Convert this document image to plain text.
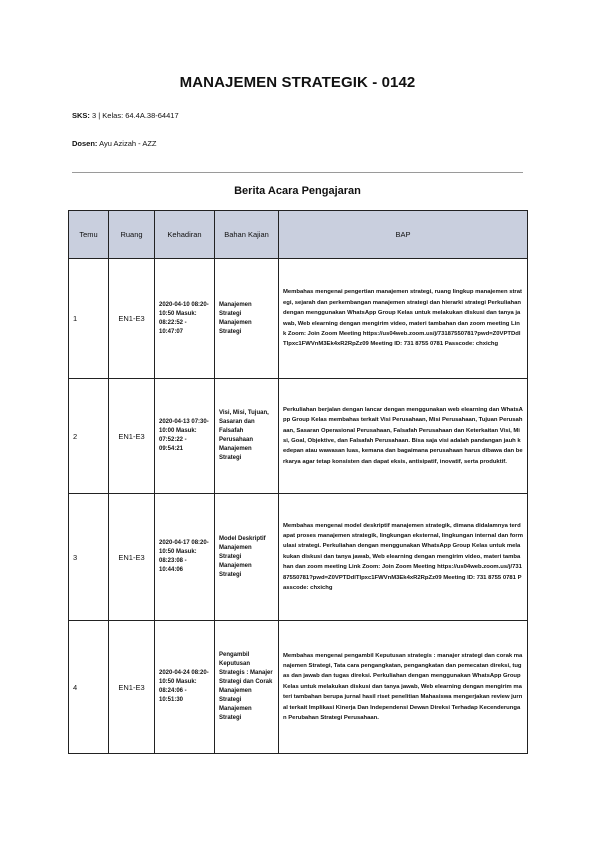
MANAJEMEN STRATEGIK - 0142
SKS: 3 | Kelas: 64.4A.38-64417
Dosen: Ayu Azizah - AZZ
Berita Acara Pengajaran
Temu	Ruang	Kehadiran	Bahan Kajian	BAP
1	EN1-E3	2020-04-10 08:20-10:50 Masuk: 08:22:52 - 10:47:07	Manajemen Strategi Manajemen Strategi	Membahas mengenai pengertian manajemen strategi, ruang lingkup manajemen strategi, sejarah dan perkembangan manajemen strategi dan hierarki strategi Perkuliahan dengan menggunakan WhatsApp Group Kelas untuk melakukan diskusi dan tanya jawab, Web elearning dengan mengirim video, materi tambahan dan zoom meeting Link Zoom: Join Zoom Meeting https://us04web.zoom.us/j/73187550781?pwd=Z0VPTDdlTlpxc1FWVnM3Ek4xR2RpZz09 Meeting ID: 731 8755 0781 Passcode: chxichg
2	EN1-E3	2020-04-13 07:30-10:00 Masuk: 07:52:22 - 09:54:21	Visi, Misi, Tujuan, Sasaran dan Falsafah Perusahaan Manajemen Strategi	Perkuliahan berjalan dengan lancar dengan menggunakan web elearning dan WhatsApp Group Kelas membahas terkait Visi Perusahaan, Misi Perusahaan, Tujuan Perusahaan, Sasaran Operasional Perusahaan, Falsafah Perusahaan dan Keterkaitan Visi, Misi, Goal, Objektive, dan Falsafah Perusahaan. Bisa saja visi adalah pandangan jauh kedepan atau wawasan luas, kemana dan bagaimana perusahaan harus dibawa dan berkarya agar tetap konsisten dan dapat eksis, antisipatif, inovatif, serta produktif.
3	EN1-E3	2020-04-17 08:20-10:50 Masuk: 08:23:08 - 10:44:06	Model Deskriptif Manajemen Strategi Manajemen Strategi	Membahas mengenai model deskriptif manajemen strategik, dimana didalamnya terdapat proses manajemen strategik, lingkungan eksternal, lingkungan internal dan formulasi strategi. Perkuliahan dengan menggunakan WhatsApp Group Kelas untuk melakukan diskusi dan tanya jawab, Web elearning dengan mengirim video, materi tambahan dan zoom meeting Link Zoom: Join Zoom Meeting https://us04web.zoom.us/j/73187550781?pwd=Z0VPTDdlTlpxc1FWVnM3Ek4xR2RpZz09 Meeting ID: 731 8755 0781 Passcode: chxichg
4	EN1-E3	2020-04-24 08:20-10:50 Masuk: 08:24:06 - 10:51:30	Pengambil Keputusan Strategis : Manajer Strategi dan Corak Manajemen Strategi Manajemen Strategi	Membahas mengenai pengambil Keputusan strategis : manajer strategi dan corak manajemen Strategi, Tata cara pengangkatan, pengangkatan dan pemecatan direksi, tugas dan jawab dan tugas direksi. Perkuliahan dengan menggunakan WhatsApp Group Kelas untuk melakukan diskusi dan tanya jawab, Web elearning dengan mengirim materi tambahan berupa jurnal hasil riset penelitian Mahasiswa mengerjakan review jurnal terkait Implikasi Kinerja Dan Independensi Dewan Direksi Terhadap Kecenderungan Perubahan Strategi Perusahaan.
